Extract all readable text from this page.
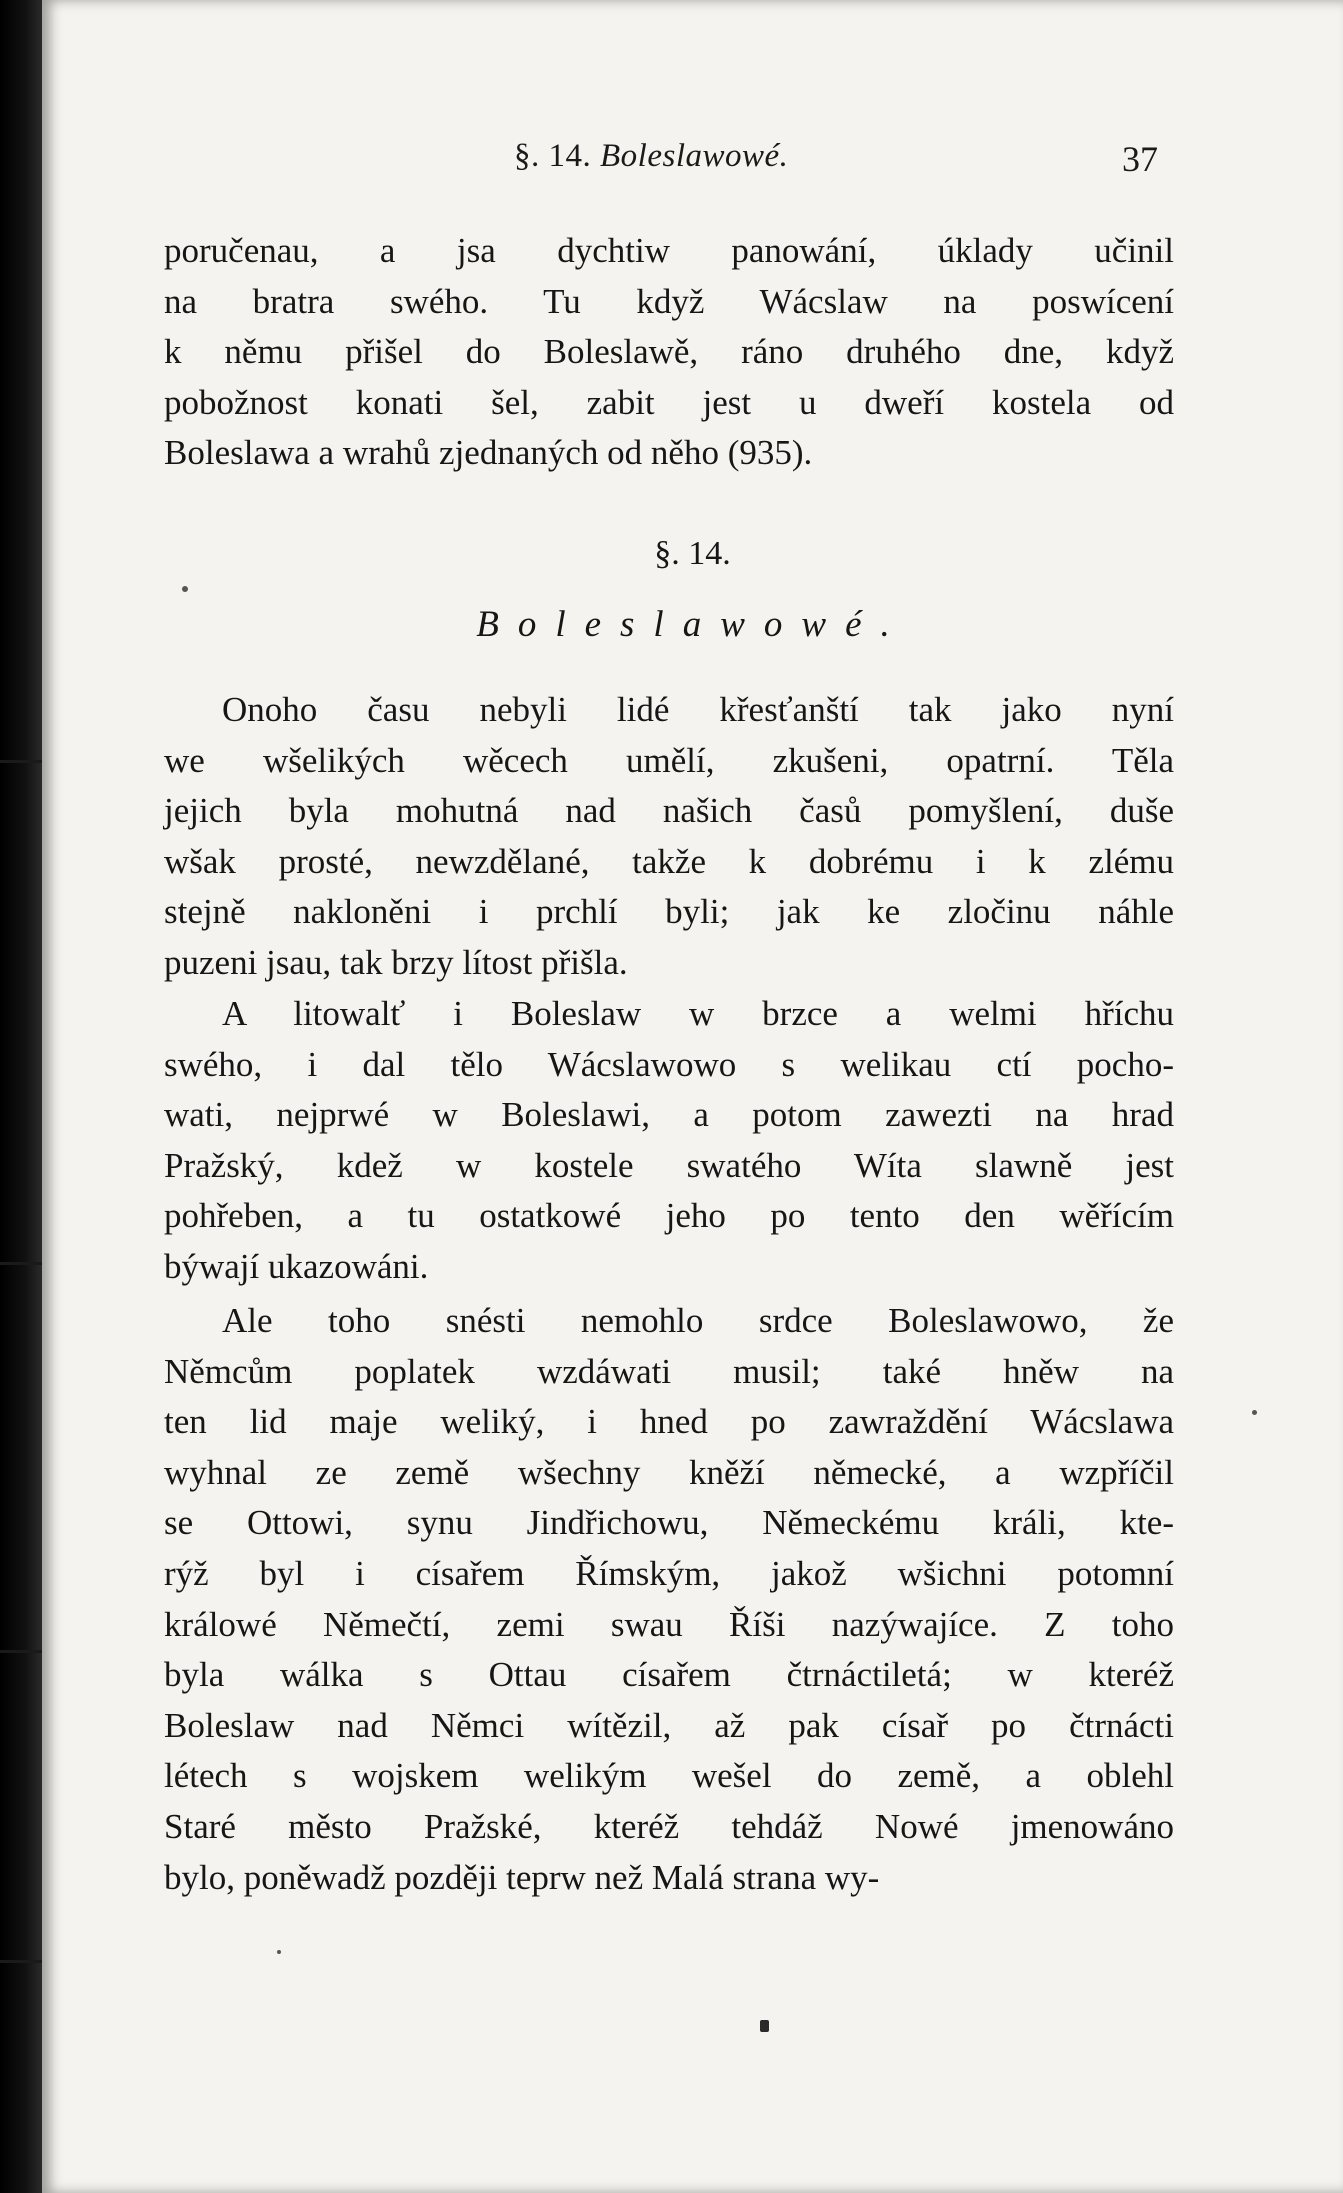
§. 14. Boleslawowé.	37
poručenau, a jsa dychtiw panowání, úklady učinil
na bratra swého. Tu když Wácslaw na poswícení
k němu přišel do Boleslawě, ráno druhého dne, když
pobožnost konati šel, zabit jest u dweří kostela od
Boleslawa a wrahů zjednaných od něho (935).
§. 14.
Boleslawowé.
Onoho času nebyli lidé křesťanští tak jako nyní
we wšelikých wěcech umělí, zkušeni, opatrní. Těla
jejich byla mohutná nad našich časů pomyšlení, duše
wšak prosté, newzdělané, takže k dobrému i k zlému
stejně nakloněni i prchlí byli; jak ke zločinu náhle
puzeni jsau, tak brzy lítost přišla.
A litowalť i Boleslaw w brzce a welmi hříchu
swého, i dal tělo Wácslawowo s welikau ctí pocho-
wati, nejprwé w Boleslawi, a potom zawezti na hrad
Pražský, kdež w kostele swatého Wíta slawně jest
pohřeben, a tu ostatkowé jeho po tento den wěřícím
býwají ukazowáni.
Ale toho snésti nemohlo srdce Boleslawowo, že
Němcům poplatek wzdáwati musil; také hněw na
ten lid maje weliký, i hned po zawraždění Wácslawa
wyhnal ze země wšechny kněží německé, a wzpříčil
se Ottowi, synu Jindřichowu, Německému králi, kte-
rýž byl i císařem Římským, jakož wšichni potomní
králowé Němečtí, zemi swau Říši nazýwajíce. Z toho
byla wálka s Ottau císařem čtrnáctiletá; w kteréž
Boleslaw nad Němci wítězil, až pak císař po čtrnácti
létech s wojskem welikým wešel do země, a oblehl
Staré město Pražské, kteréž tehdáž Nowé jmenowáno
bylo, poněwadž později teprw než Malá strana wy-
